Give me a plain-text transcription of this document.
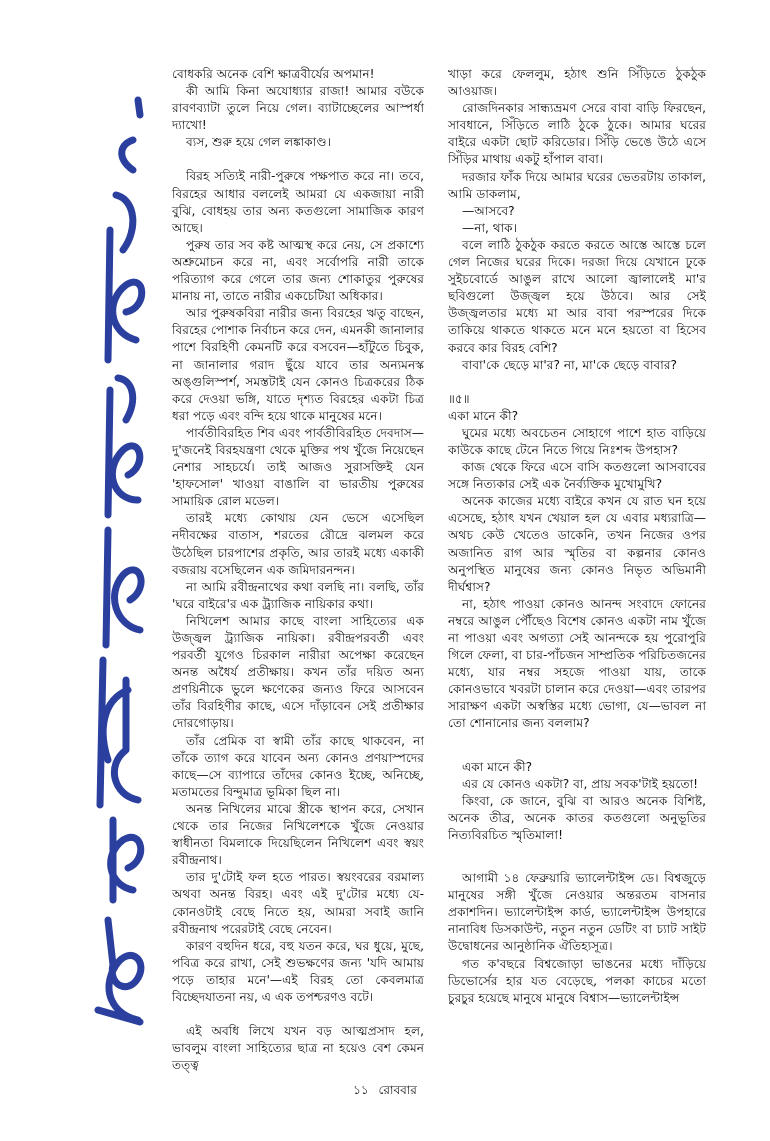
বোধকরি অনেক বেশি ক্ষাত্রবীর্যের অপমান!

কী আমি কিনা অযোধ্যার রাজা! আমার বউকে রাবণব্যাটা তুলে নিয়ে গেল। ব্যাটাচ্ছেলের আস্পর্ধা দ্যাখো!

ব্যস, শুরু হয়ে গেল লঙ্কাকাণ্ড।

বিরহ সত্যিই নারী-পুরুষে পক্ষপাত করে না। তবে, বিরহের আধার বললেই আমরা যে একজায়া নারী বুঝি, বোধহয় তার অন্য কতগুলো সামাজিক কারণ আছে।

পুরুষ তার সব কষ্ট আত্মস্থ করে নেয়, সে প্রকাশ্যে অশ্রুমোচন করে না, এবং সর্বোপরি নারী তাকে পরিত্যাগ করে গেলে তার জন্য শোকাতুর পুরুষের মানায় না, তাতে নারীর একচেটিয়া অধিকার।

আর পুরুষকবিরা নারীর জন্য বিরহের ঋতু বাছেন, বিরহের পোশাক নির্বাচন করে দেন, এমনকী জানালার পাশে বিরহিণী কেমনটি করে বসবেন—হাঁটুতে চিবুক, না জানালার গরাদ ছুঁয়ে যাবে তার অন্যমনস্ক অঙ্গুলিস্পর্শ, সমস্তটাই যেন কোনও চিত্রকরের ঠিক করে দেওয়া ভঙ্গি, যাতে দৃশ্যত বিরহের একটা চিত্র ধরা পড়ে এবং বন্দি হয়ে থাকে মানুষের মনে।

পার্বতীবিরহিত শিব এবং পার্বতীবিরহিত দেবদাস—দু'জনেই বিরহযন্ত্রণা থেকে মুক্তির পথ খুঁজে নিয়েছেন নেশার সাহচর্যে। তাই আজও সুরাসক্তিই যেন 'হাফসোল' খাওয়া বাঙালি বা ভারতীয় পুরুষের সামায়িক রোল মডেল।

তারই মধ্যে কোথায় যেন ভেসে এসেছিল নদীবক্ষের বাতাস, শরতের রৌদ্রে ঝলমল করে উঠেছিল চারপাশের প্রকৃতি, আর তারই মধ্যে একাকী বজরায় বসেছিলেন এক জমিদারনন্দন।

না আমি রবীন্দ্রনাথের কথা বলছি না। বলছি, তাঁর 'ঘরে বাইরে'র এক ট্র্যাজিক নায়িকার কথা।

নিখিলেশ আমার কাছে বাংলা সাহিত্যের এক উজ্জ্বল ট্র্যাজিক নায়িকা। রবীন্দ্রপরবর্তী এবং পরবর্তী যুগেও চিরকাল নারীরা অপেক্ষা করেছেন অনন্ত অধৈর্য প্রতীক্ষায়। কখন তাঁর দয়িত অন্য প্রণয়িনীকে ভুলে ক্ষণেকের জন্যও ফিরে আসবেন তাঁর বিরহিণীর কাছে, এসে দাঁড়াবেন সেই প্রতীক্ষার দোরগোড়ায়।

তাঁর প্রেমিক বা স্বামী তাঁর কাছে থাকবেন, না তাঁকে ত্যাগ করে যাবেন অন্য কোনও প্রণয়াস্পদের কাছে—সে ব্যাপারে তাঁদের কোনও ইচ্ছে, অনিচ্ছে, মতামতের বিন্দুমাত্র ভূমিকা ছিল না।

অনন্ত নিখিলের মাঝে স্ত্রীকে স্থাপন করে, সেখান থেকে তার নিজের নিখিলেশকে খুঁজে নেওয়ার স্বাধীনতা বিমলাকে দিয়েছিলেন নিখিলেশ এবং স্বয়ং রবীন্দ্রনাথ।

তার দু'টোই ফল হতে পারত। স্বয়ংবরের বরমাল্য অথবা অনন্ত বিরহ। এবং এই দু'টোর মধ্যে যে-কোনওটাই বেছে নিতে হয়, আমরা সবাই জানি রবীন্দ্রনাথ পরেরটাই বেছে নেবেন।

কারণ বহুদিন ধরে, বহু যতন করে, ঘর ধুয়ে, মুছে, পবিত্র করে রাখা, সেই শুভক্ষণের জন্য 'যদি আমায় পড়ে তাহার মনে'—এই বিরহ তো কেবলমাত্র বিচ্ছেদযাতনা নয়, এ এক তপশ্চরণও বটে।

এই অবধি লিখে যখন বড় আত্মপ্রসাদ হল, ভাবলুম বাংলা সাহিত্যের ছাত্র না হয়েও বেশ কেমন তত্ত্ব

খাড়া করে ফেললুম, হঠাৎ শুনি সিঁড়িতে ঠুকঠুক আওয়াজ।

রোজদিনকার সান্ধ্যভ্রমণ সেরে বাবা বাড়ি ফিরছেন, সাবধানে, সিঁড়িতে লাঠি ঠুকে ঠুকে। আমার ঘরের বাইরে একটা ছোট করিডোর। সিঁড়ি ভেঙে উঠে এসে সিঁড়ির মাথায় একটু হাঁপাল বাবা।

দরজার ফাঁক দিয়ে আমার ঘরের ভেতরটায় তাকাল, আমি ডাকলাম,

—আসবে?

—না, থাক।

বলে লাঠি ঠুকঠুক করতে করতে আস্তে আস্তে চলে গেল নিজের ঘরের দিকে। দরজা দিয়ে যেখানে ঢুকে সুইচবোর্ডে আঙুল রাখে আলো জ্বালালেই মা'র ছবিগুলো উজ্জ্বল হয়ে উঠবে। আর সেই উজ্জ্বলতার মধ্যে মা আর বাবা পরস্পরের দিকে তাকিয়ে থাকতে থাকতে মনে মনে হয়তো বা হিসেব করবে কার বিরহ বেশি?

বাবা'কে ছেড়ে মা'র? না, মা'কে ছেড়ে বাবার?

॥৫॥

একা মানে কী?

ঘুমের মধ্যে অবচেতন সোহাগে পাশে হাত বাড়িয়ে কাউকে কাছে টেনে নিতে গিয়ে নিঃশব্দ উপহাস?

কাজ থেকে ফিরে এসে বাসি কতগুলো আসবাবের সঙ্গে নিত্যকার সেই এক নৈর্ব্যক্তিক মুখোমুখি?

অনেক কাজের মধ্যে বাইরে কখন যে রাত ঘন হয়ে এসেছে, হঠাৎ যখন খেয়াল হল যে এবার মধ্যরাত্রি—অথচ কেউ খেতেও ডাকেনি, তখন নিজের ওপর অজানিত রাগ আর স্মৃতির বা কল্পনার কোনও অনুপস্থিত মানুষের জন্য কোনও নিভৃত অভিমানী দীর্ঘশ্বাস?

না, হঠাৎ পাওয়া কোনও আনন্দ সংবাদে ফোনের নম্বরে আঙুল পৌঁছেও বিশেষ কোনও একটা নাম খুঁজে না পাওয়া এবং অগত্যা সেই আনন্দকে হয় পুরোপুরি গিলে ফেলা, বা চার-পাঁচজন সাম্প্রতিক পরিচিতজনের মধ্যে, যার নম্বর সহজে পাওয়া যায়, তাকে কোনওভাবে খবরটা চালান করে দেওয়া—এবং তারপর সারাক্ষণ একটা অস্বস্তির মধ্যে ভোগা, যে—ভাবল না তো শোনানোর জন্য বললাম?

একা মানে কী?

এর যে কোনও একটা? বা, প্রায় সবক'টাই হয়তো!

কিংবা, কে জানে, বুঝি বা আরও অনেক বিশিষ্ট, অনেক তীব্র, অনেক কাতর কতগুলো অনুভূতির নিত্যবিরচিত স্মৃতিমালা!

আগামী ১৪ ফেব্রুয়ারি ভ্যালেন্টাইন্স ডে। বিশ্বজুড়ে মানুষের সঙ্গী খুঁজে নেওয়ার অন্তরতম বাসনার প্রকাশদিন। ভ্যালেন্টাইন্স কার্ড, ভ্যালেন্টাইন্স উপহারে নানাবিধ ডিসকাউন্ট, নতুন নতুন ডেটিং বা চ্যাট সাইট উদ্বোধনের আনুষ্ঠানিক ঐতিহ্যসূত্র।

গত ক'বছরে বিশ্বজোড়া ভাঙনের মধ্যে দাঁড়িয়ে ডিভোর্সের হার যত বেড়েছে, পলকা কাচের মতো চুরচুর হয়েছে মানুষে মানুষে বিশ্বাস—ভ্যালেন্টাইন্স

১১ রোববার
